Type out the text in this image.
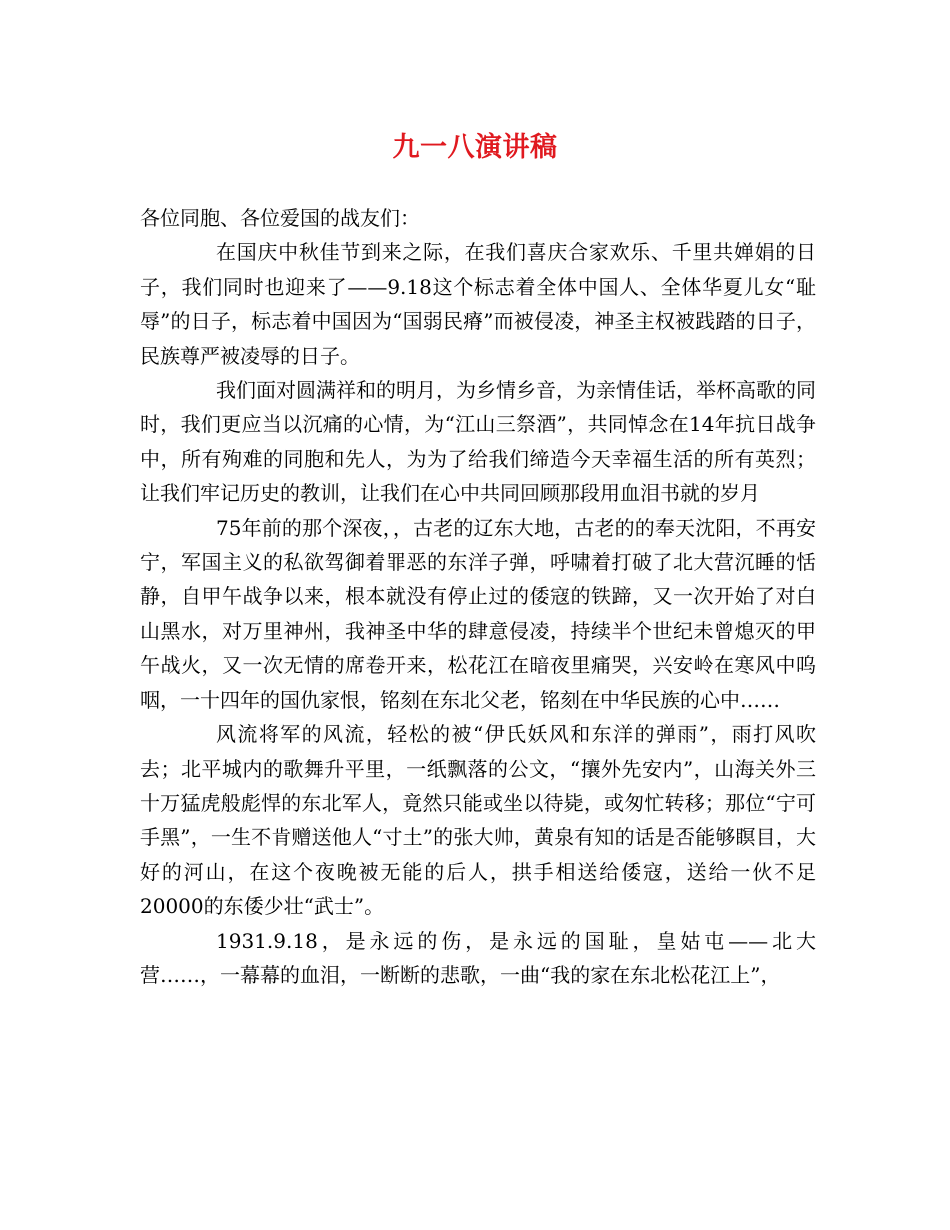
九一八演讲稿

各位同胞、各位爱国的战友们：

在国庆中秋佳节到来之际，在我们喜庆合家欢乐、千里共婵娟的日子，我们同时也迎来了——9.18这个标志着全体中国人、全体华夏儿女“耻辱”的日子，标志着中国因为“国弱民瘠”而被侵凌，神圣主权被践踏的日子，民族尊严被凌辱的日子。

我们面对圆满祥和的明月，为乡情乡音，为亲情佳话，举杯高歌的同时，我们更应当以沉痛的心情，为“江山三祭酒”，共同悼念在14年抗日战争中，所有殉难的同胞和先人，为为了给我们缔造今天幸福生活的所有英烈；让我们牢记历史的教训，让我们在心中共同回顾那段用血泪书就的岁月

75年前的那个深夜，，古老的辽东大地，古老的的奉天沈阳，不再安宁，军国主义的私欲驾御着罪恶的东洋子弹，呼啸着打破了北大营沉睡的恬静，自甲午战争以来，根本就没有停止过的倭寇的铁蹄，又一次开始了对白山黑水，对万里神州，我神圣中华的肆意侵凌，持续半个世纪未曾熄灭的甲午战火，又一次无情的席卷开来，松花江在暗夜里痛哭，兴安岭在寒风中呜咽，一十四年的国仇家恨，铭刻在东北父老，铭刻在中华民族的心中……

风流将军的风流，轻松的被“伊氏妖风和东洋的弹雨”，雨打风吹去；北平城内的歌舞升平里，一纸飘落的公文，“攘外先安内”，山海关外三十万猛虎般彪悍的东北军人，竟然只能或坐以待毙，或匆忙转移；那位“宁可手黑”，一生不肯赠送他人“寸土”的张大帅，黄泉有知的话是否能够瞑目，大好的河山，在这个夜晚被无能的后人，拱手相送给倭寇，送给一伙不足20000的东倭少壮“武士”。

1931.9.18，是永远的伤，是永远的国耻，皇姑屯——北大营……，一幕幕的血泪，一断断的悲歌，一曲“我的家在东北松花江上”，
